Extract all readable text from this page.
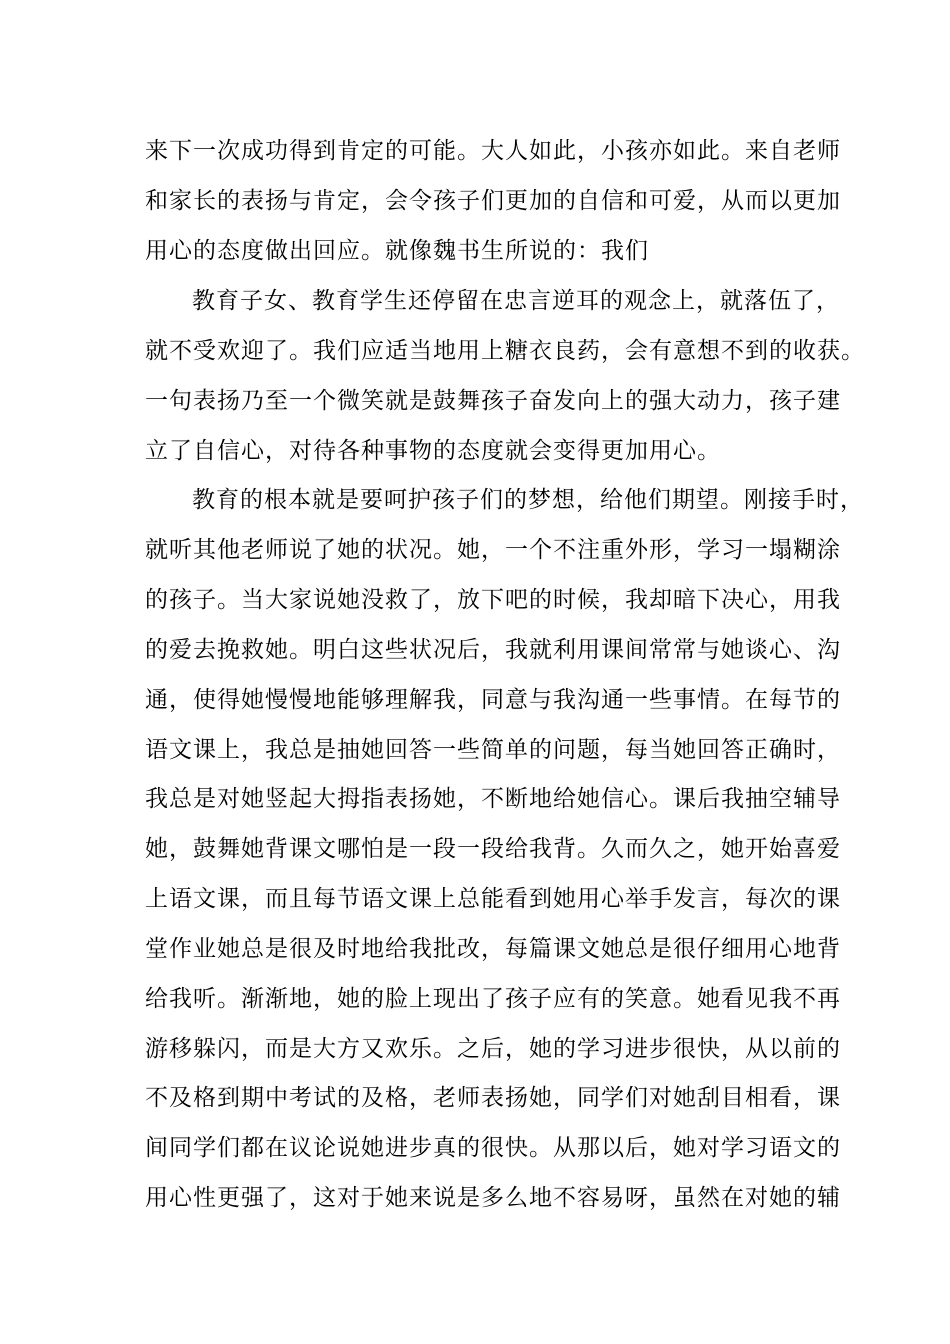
来下一次成功得到肯定的可能。大人如此，小孩亦如此。来自老师
和家长的表扬与肯定，会令孩子们更加的自信和可爱，从而以更加
用心的态度做出回应。就像魏书生所说的：我们
教育子女、教育学生还停留在忠言逆耳的观念上，就落伍了，
就不受欢迎了。我们应适当地用上糖衣良药，会有意想不到的收获。
一句表扬乃至一个微笑就是鼓舞孩子奋发向上的强大动力，孩子建
立了自信心，对待各种事物的态度就会变得更加用心。
教育的根本就是要呵护孩子们的梦想，给他们期望。刚接手时，
就听其他老师说了她的状况。她，一个不注重外形，学习一塌糊涂
的孩子。当大家说她没救了，放下吧的时候，我却暗下决心，用我
的爱去挽救她。明白这些状况后，我就利用课间常常与她谈心、沟
通，使得她慢慢地能够理解我，同意与我沟通一些事情。在每节的
语文课上，我总是抽她回答一些简单的问题，每当她回答正确时，
我总是对她竖起大拇指表扬她，不断地给她信心。课后我抽空辅导
她，鼓舞她背课文哪怕是一段一段给我背。久而久之，她开始喜爱
上语文课，而且每节语文课上总能看到她用心举手发言，每次的课
堂作业她总是很及时地给我批改，每篇课文她总是很仔细用心地背
给我听。渐渐地，她的脸上现出了孩子应有的笑意。她看见我不再
游移躲闪，而是大方又欢乐。之后，她的学习进步很快，从以前的
不及格到期中考试的及格，老师表扬她，同学们对她刮目相看，课
间同学们都在议论说她进步真的很快。从那以后，她对学习语文的
用心性更强了，这对于她来说是多么地不容易呀，虽然在对她的辅
